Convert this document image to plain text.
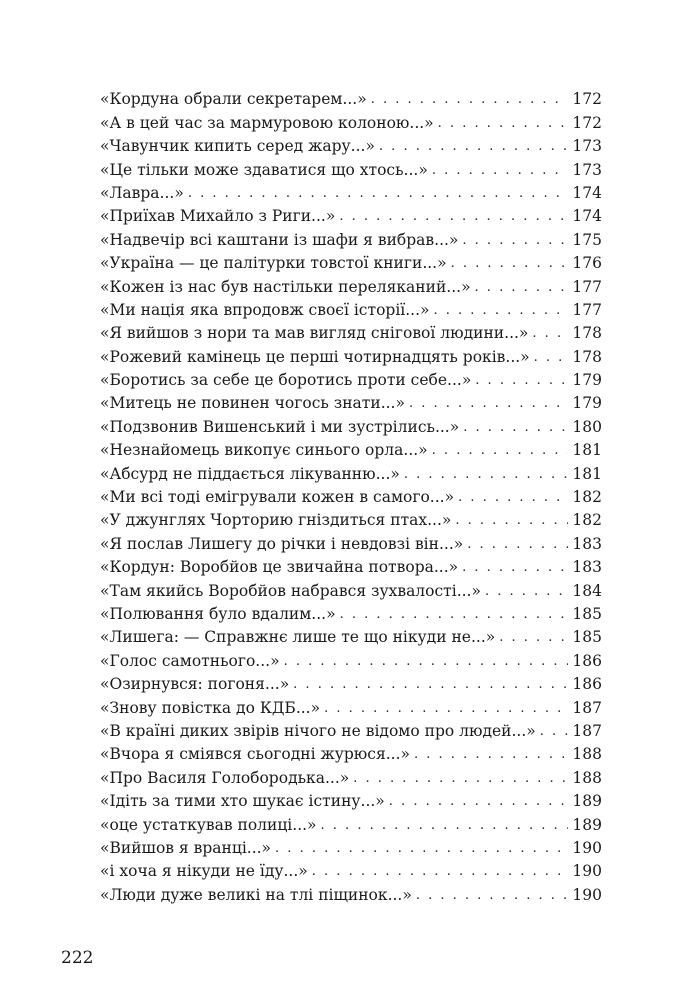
«Кордуна обрали секретарем...» . . .	172
«А в цей час за мармуровою колоною...» . . .	172
«Чавунчик кипить серед жару...» . . .	173
«Це тільки може здаватися що хтось...» . . .	173
«Лавра...» . . .	174
«Приїхав Михайло з Риги...» . . .	174
«Надвечір всі каштани із шафи я вибрав...» . . .	175
«Україна — це палітурки товстої книги...» . . .	176
«Кожен із нас був настільки переляканий...» . . .	177
«Ми нація яка впродовж своєї історії...» . . .	177
«Я вийшов з нори та мав вигляд снігової людини...» . . .	178
«Рожевий камінець це перші чотирнадцять років...» . . .	178
«Боротись за себе це боротись проти себе...» . . .	179
«Митець не повинен чогось знати...» . . .	179
«Подзвонив Вишенський і ми зустрілись...» . . .	180
«Незнайомець викопує синього орла...» . . .	181
«Абсурд не піддається лікуванню...» . . .	181
«Ми всі тоді емігрували кожен в самого...» . . .	182
«У джунглях Чорторию гніздиться птах...» . . .	182
«Я послав Лишегу до річки і невдовзі він...» . . .	183
«Кордун: Воробйов це звичайна потвора...» . . .	183
«Там якийсь Воробйов набрався зухвалості...» . . .	184
«Полювання було вдалим...» . . .	185
«Лишега: — Справжнє лише те що нікуди не...» . . .	185
«Голос самотнього...» . . .	186
«Озирнувся: погоня...» . . .	186
«Знову повістка до КДБ...» . . .	187
«В країні диких звірів нічого не відомо про людей...» . . . 187
«Вчора я сміявся сьогодні журюся...» . . .	188
«Про Василя Голобородька...» . . .	188
«Ідіть за тими хто шукає істину...» . . .	189
«оце устаткував полиці...» . . .	189
«Вийшов я вранці...» . . .	190
«і хоча я нікуди не їду...» . . .	190
«Люди дуже великі на тлі піщинок...» . . .	190
222
